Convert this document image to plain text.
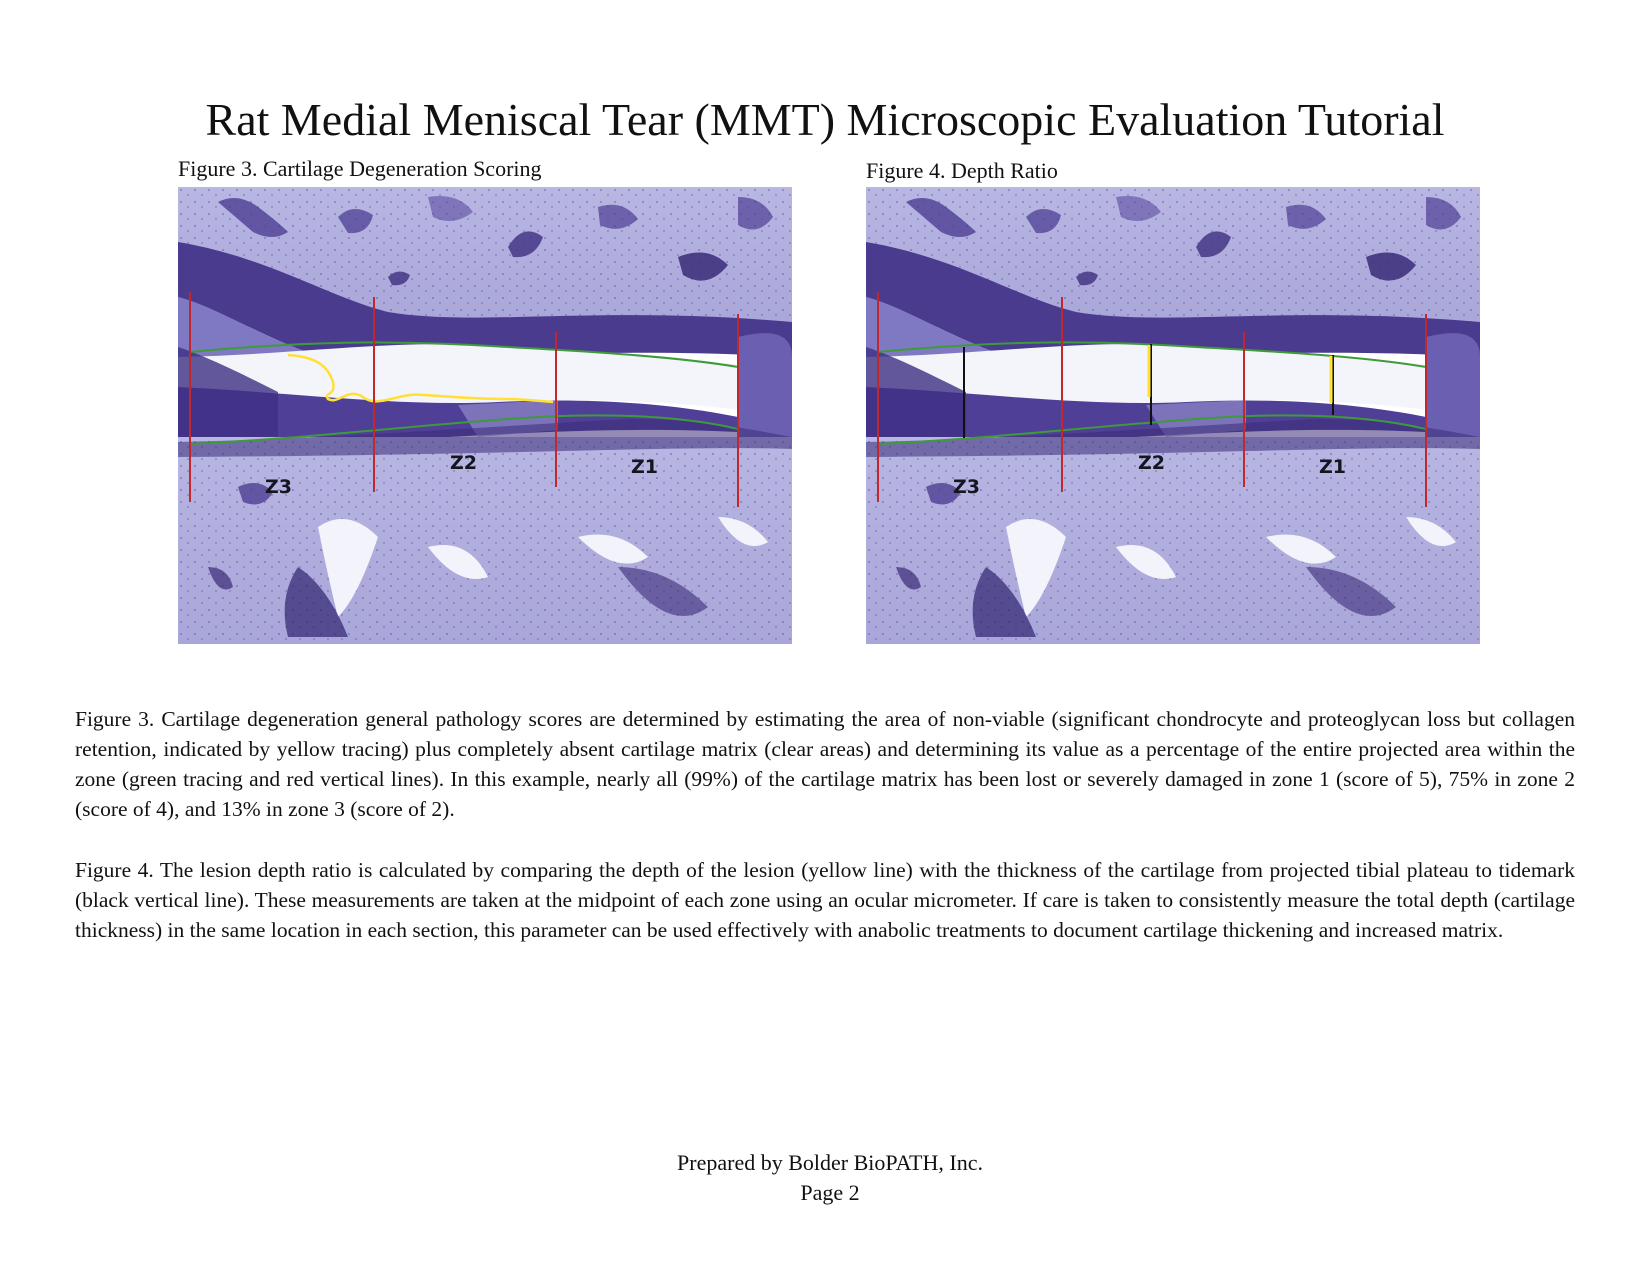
Rat Medial Meniscal Tear (MMT) Microscopic Evaluation Tutorial
Figure 3. Cartilage Degeneration Scoring	Figure 4. Depth Ratio
Z3
Z2	Z1
Z3
Z2	Z1

Figure 3. Cartilage degeneration general pathology scores are determined by estimating the area of non-viable (significant chondrocyte and proteoglycan loss but collagen retention, indicated by yellow tracing) plus completely absent cartilage matrix (clear areas) and determining its value as a percentage of the entire projected area within the zone (green tracing and red vertical lines). In this example, nearly all (99%) of the cartilage matrix has been lost or severely damaged in zone 1 (score of 5), 75% in zone 2 (score of 4), and 13% in zone 3 (score of 2).

Figure 4. The lesion depth ratio is calculated by comparing the depth of the lesion (yellow line) with the thickness of the cartilage from projected tibial plateau to tidemark (black vertical line). These measurements are taken at the midpoint of each zone using an ocular micrometer. If care is taken to consistently measure the total depth (cartilage thickness) in the same location in each section, this parameter can be used effectively with anabolic treatments to document cartilage thickening and increased matrix.

Prepared by Bolder BioPATH, Inc.
Page 2
